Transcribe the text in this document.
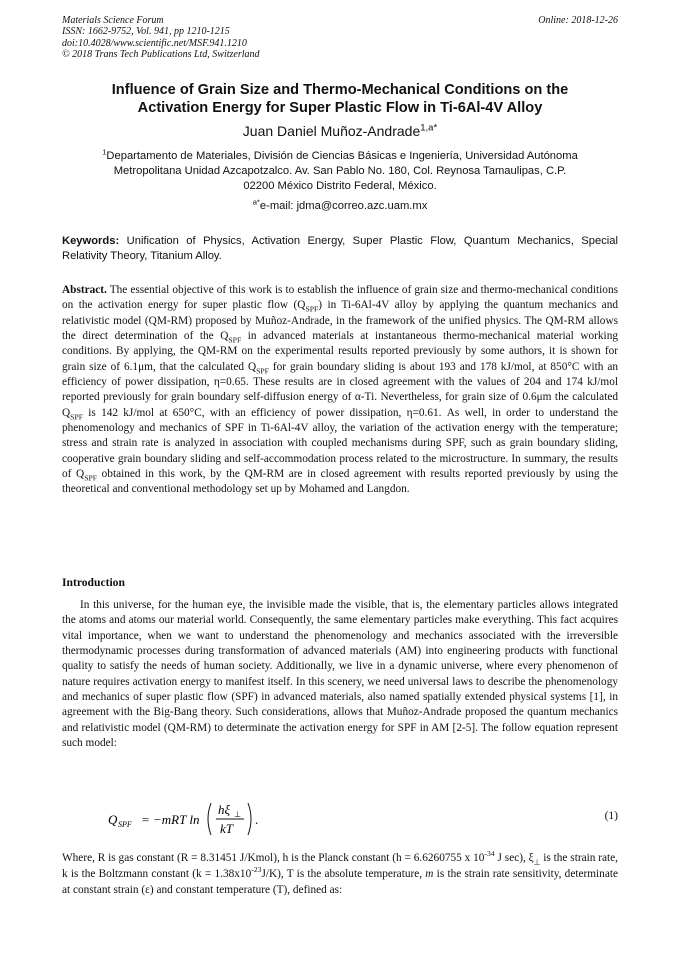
Materials Science Forum
ISSN: 1662-9752, Vol. 941, pp 1210-1215
doi:10.4028/www.scientific.net/MSF.941.1210
© 2018 Trans Tech Publications Ltd, Switzerland
Online: 2018-12-26
Influence of Grain Size and Thermo-Mechanical Conditions on the
Activation Energy for Super Plastic Flow in Ti-6Al-4V Alloy
Juan Daniel Muñoz-Andrade$^{1,a*}$
$^1$Departamento de Materiales, División de Ciencias Básicas e Ingeniería, Universidad Autónoma
Metropolitana Unidad Azcapotzalco. Av. San Pablo No. 180, Col. Reynosa Tamaulipas, C.P.
02200 México Distrito Federal, México.
$^{a*}$e-mail: jdma@correo.azc.uam.mx
Keywords: Unification of Physics, Activation Energy, Super Plastic Flow, Quantum Mechanics, Special Relativity Theory, Titanium Alloy.
Abstract. The essential objective of this work is to establish the influence of grain size and thermo-mechanical conditions on the activation energy for super plastic flow $(Q_{SPF})$ in Ti-6Al-4V alloy by applying the quantum mechanics and relativistic model (QM-RM) proposed by Muñoz-Andrade, in the framework of the unified physics. The QM-RM allows the direct determination of the $Q_{SPF}$ in advanced materials at instantaneous thermo-mechanical material working conditions. By applying, the QM-RM on the experimental results reported previously by some authors, it is shown for grain size of 6.1μm, that the calculated $Q_{SPF}$ for grain boundary sliding is about 193 and 178 kJ/mol, at 850°C with an efficiency of power dissipation, η=0.65. These results are in closed agreement with the values of 204 and 174 kJ/mol reported previously for grain boundary self-diffusion energy of α-Ti. Nevertheless, for grain size of 0.6μm the calculated $Q_{SPF}$ is 142 kJ/mol at 650°C, with an efficiency of power dissipation, η=0.61. As well, in order to understand the phenomenology and mechanics of SPF in Ti-6Al-4V alloy, the variation of the activation energy with the temperature; stress and strain rate is analyzed in association with coupled mechanisms during SPF, such as grain boundary sliding, cooperative grain boundary sliding and self-accommodation process related to the microstructure. In summary, the results of $Q_{SPF}$ obtained in this work, by the QM-RM are in closed agreement with results reported previously by using the theoretical and conventional methodology set up by Mohamed and Langdon.
Introduction
In this universe, for the human eye, the invisible made the visible, that is, the elementary particles allows integrated the atoms and atoms our material world. Consequently, the same elementary particles make everything. This fact acquires vital importance, when we want to understand the phenomenology and mechanics associated with the irreversible thermodynamic processes during transformation of advanced materials (AM) into engineering products with functional quality to satisfy the needs of human society. Additionally, we live in a dynamic universe, where every phenomenon of nature requires activation energy to manifest itself. In this scenery, we need universal laws to describe the phenomenology and mechanics of super plastic flow (SPF) in advanced materials, also named spatially extended physical systems [1], in agreement with the Big-Bang theory. Such considerations, allows that Muñoz-Andrade proposed the quantum mechanics and relativistic model (QM-RM) to determinate the activation energy for SPF in AM [2-5]. The follow equation represent such model:
Q SPF = −mRT ln
hξ ⊥
kT
.	(1)
Where, R is gas constant (R = 8.31451 J/Kmol), h is the Planck constant (h = 6.6260755 x $10^{-34}$ J sec), $\xi_\perp$ is the strain rate, k is the Boltzmann constant $(k = 1.38x10^{-23}J/K)$, T is the absolute temperature, m is the strain rate sensitivity, determinate at constant strain (ε) and constant temperature (T), defined as:
